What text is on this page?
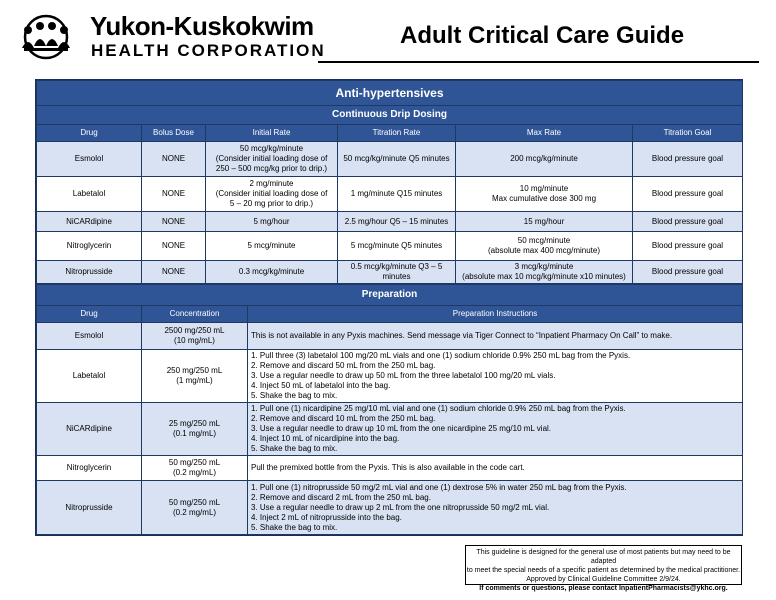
Yukon-Kuskokwim
HEALTH CORPORATION
Adult Critical Care Guide
Anti-hypertensives					
Continuous Drip Dosing					
Drug	Bolus Dose	Initial Rate	Titration Rate	Max Rate	Titration Goal
Esmolol	NONE	50 mcg/kg/minute
(Consider initial loading dose of
250 – 500 mcg/kg prior to drip.)	50 mcg/kg/minute Q5 minutes	200 mcg/kg/minute	Blood pressure goal
Labetalol	NONE	2 mg/minute
(Consider initial loading dose of
5 – 20 mg prior to drip.)	1 mg/minute Q15 minutes	10 mg/minute
Max cumulative dose 300 mg	Blood pressure goal
NiCARdipine	NONE	5 mg/hour	2.5 mg/hour Q5 – 15 minutes	15 mg/hour	Blood pressure goal
Nitroglycerin	NONE	5 mcg/minute	5 mcg/minute Q5 minutes	50 mcg/minute
(absolute max 400 mcg/minute)	Blood pressure goal
Nitroprusside	NONE	0.3 mcg/kg/minute	0.5 mcg/kg/minute Q3 – 5 minutes	3 mcg/kg/minute
(absolute max 10 mcg/kg/minute x10 minutes)	Blood pressure goal
Preparation		
Drug	Concentration	Preparation Instructions
Esmolol	2500 mg/250 mL
(10 mg/mL)	This is not available in any Pyxis machines. Send message via Tiger Connect to “Inpatient Pharmacy On Call” to make.

Labetalol	250 mg/250 mL
(1 mg/mL)	1. Pull three (3) labetalol 100 mg/20 mL vials and one (1) sodium chloride 0.9% 250 mL bag from the Pyxis.
2. Remove and discard 50 mL from the 250 mL bag.
3. Use a regular needle to draw up 50 mL from the three labetalol 100 mg/20 mL vials.
4. Inject 50 mL of labetalol into the bag.
5. Shake the bag to mix.

NiCARdipine	25 mg/250 mL
(0.1 mg/mL)	1. Pull one (1) nicardipine 25 mg/10 mL vial and one (1) sodium chloride 0.9% 250 mL bag from the Pyxis.
2. Remove and discard 10 mL from the 250 mL bag.
3. Use a regular needle to draw up 10 mL from the one nicardipine 25 mg/10 mL vial.
4. Inject 10 mL of nicardipine into the bag.
5. Shake the bag to mix.

Nitroglycerin	50 mg/250 mL
(0.2 mg/mL)	Pull the premixed bottle from the Pyxis. This is also available in the code cart.

Nitroprusside	50 mg/250 mL
(0.2 mg/mL)	1. Pull one (1) nitroprusside 50 mg/2 mL vial and one (1) dextrose 5% in water 250 mL bag from the Pyxis.
2. Remove and discard 2 mL from the 250 mL bag.
3. Use a regular needle to draw up 2 mL from the one nitroprusside 50 mg/2 mL vial.
4. Inject 2 mL of nitroprusside into the bag.
5. Shake the bag to mix.
This guideline is designed for the general use of most patients but may need to be adapted
to meet the special needs of a specific patient as determined by the medical practitioner.
Approved by Clinical Guideline Committee 2/9/24.
If comments or questions, please contact InpatientPharmacists@ykhc.org.
